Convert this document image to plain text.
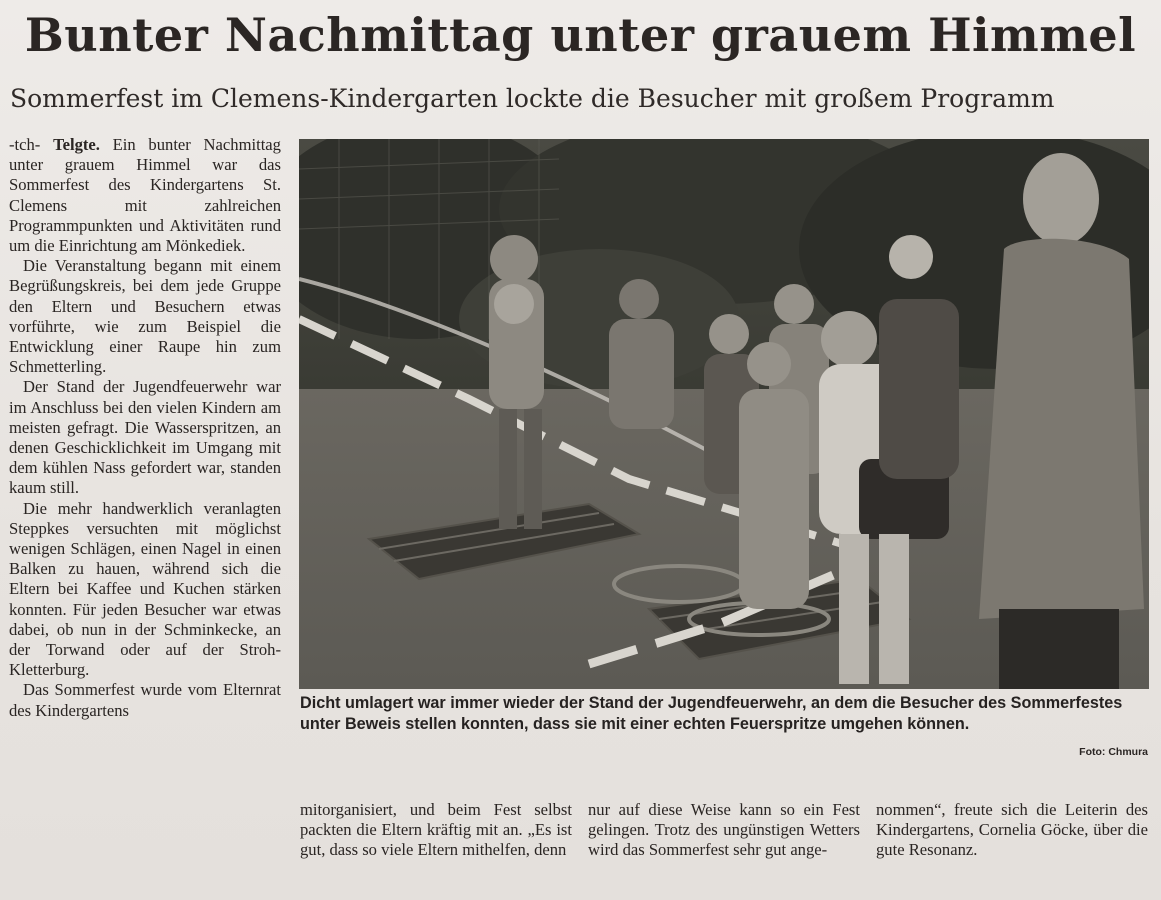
Bunter Nachmittag unter grauem Himmel
Sommerfest im Clemens-Kindergarten lockte die Besucher mit großem Programm

-tch- Telgte. Ein bunter Nachmittag unter grauem Himmel war das Sommerfest des Kindergartens St. Clemens mit zahlreichen Programmpunkten und Aktivitäten rund um die Einrichtung am Mönkediek.

Die Veranstaltung begann mit einem Begrüßungskreis, bei dem jede Gruppe den Eltern und Besuchern etwas vorführte, wie zum Beispiel die Entwicklung einer Raupe hin zum Schmetterling.

Der Stand der Jugendfeuerwehr war im Anschluss bei den vielen Kindern am meisten gefragt. Die Wasserspritzen, an denen Geschicklichkeit im Umgang mit dem kühlen Nass gefordert war, standen kaum still.

Die mehr handwerklich veranlagten Steppkes versuchten mit möglichst wenigen Schlägen, einen Nagel in einen Balken zu hauen, während sich die Eltern bei Kaffee und Kuchen stärken konnten. Für jeden Besucher war etwas dabei, ob nun in der Schminkecke, an der Torwand oder auf der Stroh-Kletterburg.

Das Sommerfest wurde vom Elternrat des Kindergartens	Dicht umlagert war immer wieder der Stand der Jugendfeuerwehr, an dem die Besucher des Sommerfestes unter Beweis stellen konnten, dass sie mit einer echten Feuerspritze umgehen können.
Foto: Chmura

mitorganisiert, und beim Fest selbst packten die Eltern kräftig mit an. „Es ist gut, dass so viele Eltern mithelfen, denn

nur auf diese Weise kann so ein Fest gelingen. Trotz des ungünstigen Wetters wird das Sommerfest sehr gut ange-

nommen“, freute sich die Leiterin des Kindergartens, Cornelia Göcke, über die gute Resonanz.
